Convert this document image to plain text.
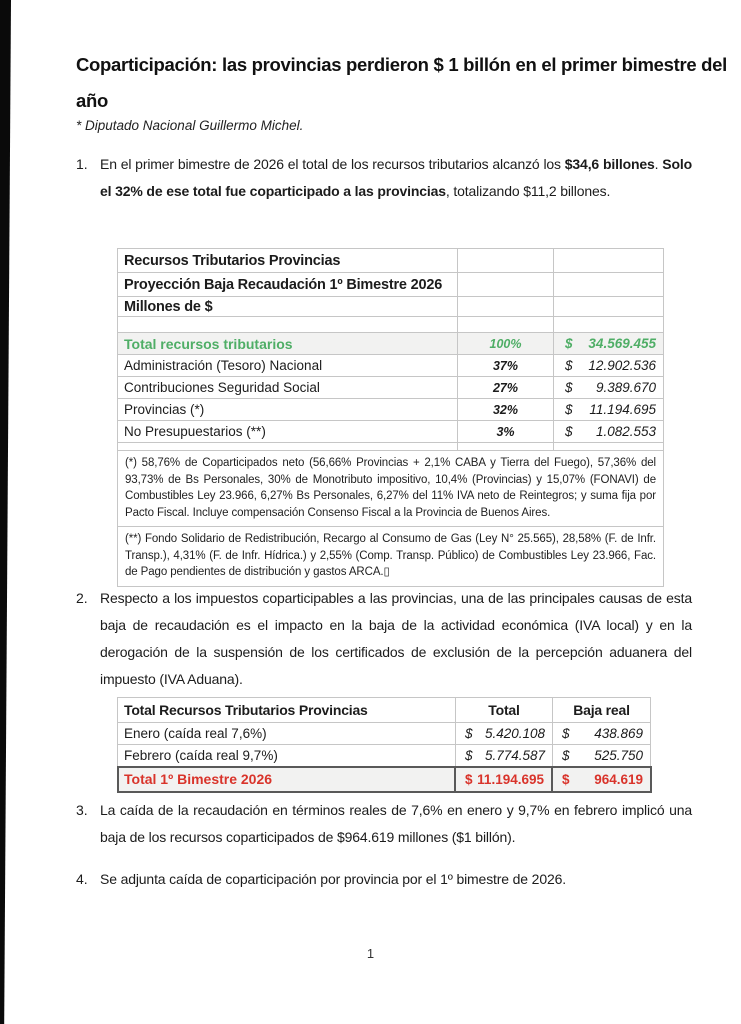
Coparticipación: las provincias perdieron $ 1 billón en el primer bimestre del año

* Diputado Nacional Guillermo Michel.

1. En el primer bimestre de 2026 el total de los recursos tributarios alcanzó los $34,6 billones. Solo el 32% de ese total fue coparticipado a las provincias, totalizando $11,2 billones.
Recursos Tributarios Provincias
Proyección Baja Recaudación 1º Bimestre 2026
Millones de $
Total recursos tributarios	100%	$ 34.569.455
Administración (Tesoro) Nacional	37%	$ 12.902.536
Contribuciones Seguridad Social	27%	$ 9.389.670
Provincias (*)	32%	$ 11.194.695
No Presupuestarios (**)	3%	$ 1.082.553
(*) 58,76% de Coparticipados neto (56,66% Provincias + 2,1% CABA y Tierra del Fuego), 57,36% del 93,73% de Bs Personales, 30% de Monotributo impositivo, 10,4% (Provincias) y 15,07% (FONAVI) de Combustibles Ley 23.966, 6,27% Bs Personales, 6,27% del 11% IVA neto de Reintegros; y suma fija por Pacto Fiscal. Incluye compensación Consenso Fiscal a la Provincia de Buenos Aires.
(**) Fondo Solidario de Redistribución, Recargo al Consumo de Gas (Ley N° 25.565), 28,58% (F. de Infr. Transp.), 4,31% (F. de Infr. Hídrica.) y 2,55% (Comp. Transp. Público) de Combustibles Ley 23.966, Fac. de Pago pendientes de distribución y gastos ARCA.▯
2. Respecto a los impuestos coparticipables a las provincias, una de las principales causas de esta baja de recaudación es el impacto en la baja de la actividad económica (IVA local) y en la derogación de la suspensión de los certificados de exclusión de la percepción aduanera del impuesto (IVA Aduana).
Total Recursos Tributarios Provincias	Total	Baja real
Enero (caída real 7,6%)	$ 5.420.108 $ 438.869
Febrero (caída real 9,7%)	$ 5.774.587 $ 525.750
Total 1º Bimestre 2026	$ 11.194.695 $ 964.619
3. La caída de la recaudación en términos reales de 7,6% en enero y 9,7% en febrero implicó una baja de los recursos coparticipados de $964.619 millones ($1 billón).
4. Se adjunta caída de coparticipación por provincia por el 1º bimestre de 2026.
1
